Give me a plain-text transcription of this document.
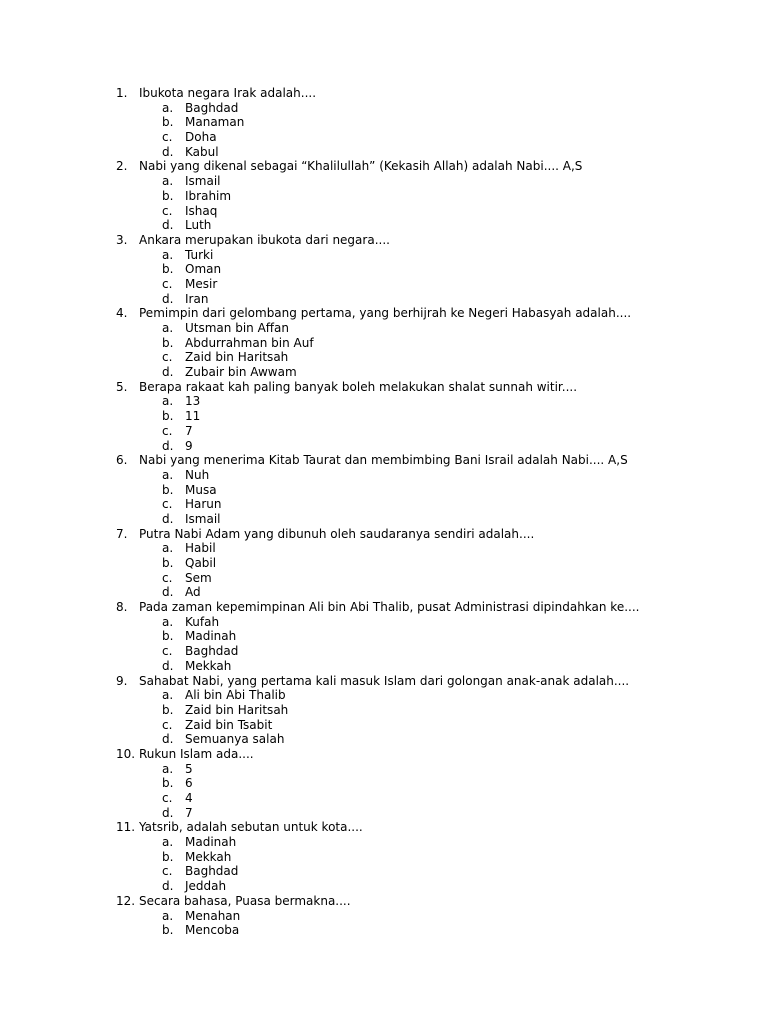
1. Ibukota negara Irak adalah....
a. Baghdad
b. Manaman
c. Doha
d. Kabul
2. Nabi yang dikenal sebagai “Khalilullah” (Kekasih Allah) adalah Nabi.... A,S
a. Ismail
b. Ibrahim
c. Ishaq
d. Luth
3. Ankara merupakan ibukota dari negara....
a. Turki
b. Oman
c. Mesir
d. Iran
4. Pemimpin dari gelombang pertama, yang berhijrah ke Negeri Habasyah adalah....
a. Utsman bin Affan
b. Abdurrahman bin Auf
c. Zaid bin Haritsah
d. Zubair bin Awwam
5. Berapa rakaat kah paling banyak boleh melakukan shalat sunnah witir....
a. 13
b. 11
c. 7
d. 9
6. Nabi yang menerima Kitab Taurat dan membimbing Bani Israil adalah Nabi.... A,S
a. Nuh
b. Musa
c. Harun
d. Ismail
7. Putra Nabi Adam yang dibunuh oleh saudaranya sendiri adalah....
a. Habil
b. Qabil
c. Sem
d. Ad
8. Pada zaman kepemimpinan Ali bin Abi Thalib, pusat Administrasi dipindahkan ke....
a. Kufah
b. Madinah
c. Baghdad
d. Mekkah
9. Sahabat Nabi, yang pertama kali masuk Islam dari golongan anak-anak adalah....
a. Ali bin Abi Thalib
b. Zaid bin Haritsah
c. Zaid bin Tsabit
d. Semuanya salah
10. Rukun Islam ada....
a. 5
b. 6
c. 4
d. 7
11. Yatsrib, adalah sebutan untuk kota....
a. Madinah
b. Mekkah
c. Baghdad
d. Jeddah
12. Secara bahasa, Puasa bermakna....
a. Menahan
b. Mencoba
